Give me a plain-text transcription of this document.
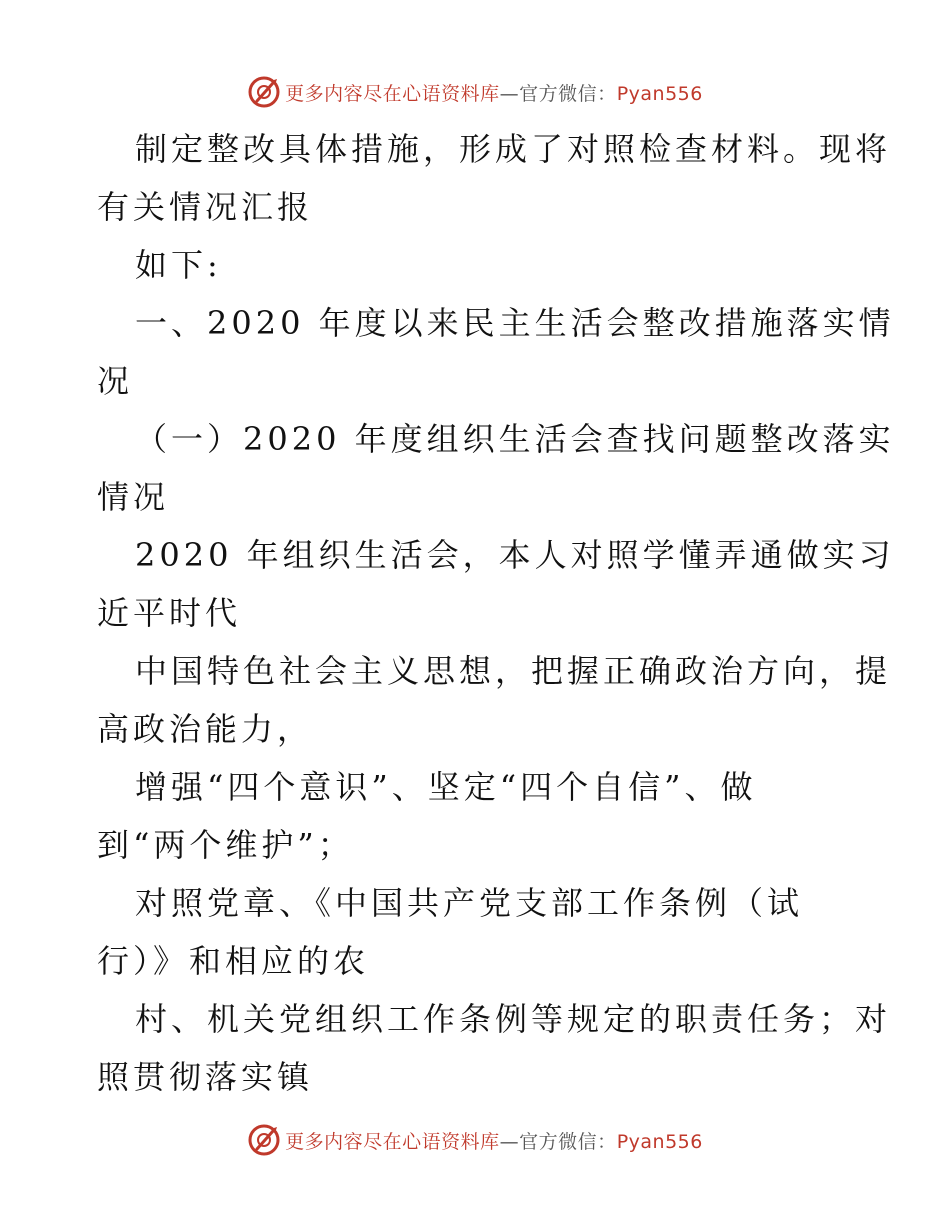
更多内容尽在心语资料库—官方微信：Pyan556
制定整改具体措施，形成了对照检查材料。现将
有关情况汇报
如下:
一、2020 年度以来民主生活会整改措施落实情
况
（一）2020 年度组织生活会查找问题整改落实
情况
2020 年组织生活会，本人对照学懂弄通做实习
近平时代
中国特色社会主义思想，把握正确政治方向，提
高政治能力，
增强“四个意识”、坚定“四个自信”、做
到“两个维护”；
对照党章、《中国共产党支部工作条例（试
行）》和相应的农
村、机关党组织工作条例等规定的职责任务；对
照贯彻落实镇
更多内容尽在心语资料库—官方微信：Pyan556
